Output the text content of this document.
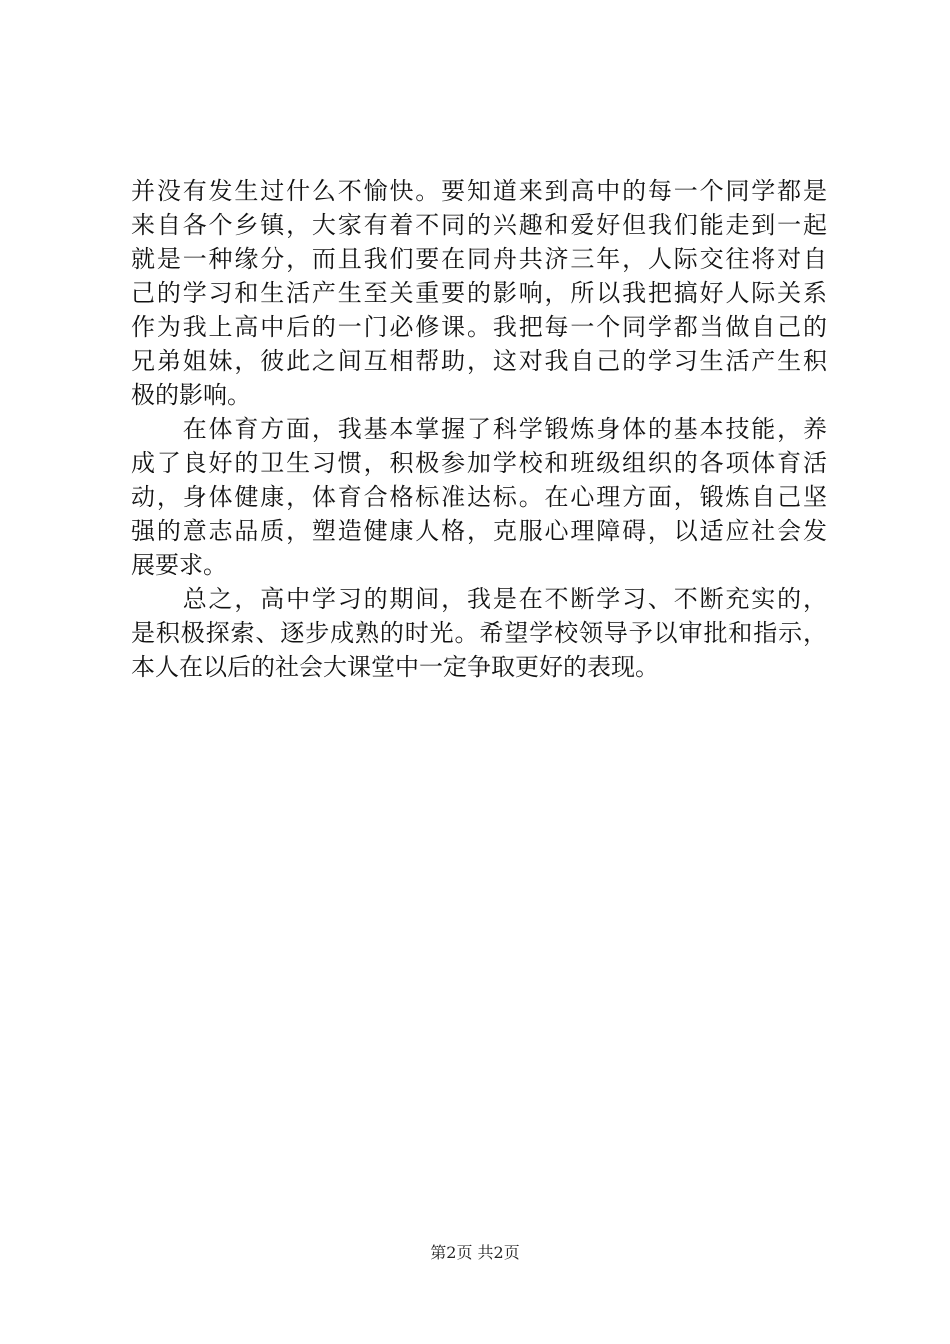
并没有发生过什么不愉快。要知道来到高中的每一个同学都是
来自各个乡镇，大家有着不同的兴趣和爱好但我们能走到一起
就是一种缘分，而且我们要在同舟共济三年，人际交往将对自
己的学习和生活产生至关重要的影响，所以我把搞好人际关系
作为我上高中后的一门必修课。我把每一个同学都当做自己的
兄弟姐妹，彼此之间互相帮助，这对我自己的学习生活产生积
极的影响。
　　在体育方面，我基本掌握了科学锻炼身体的基本技能，养
成了良好的卫生习惯，积极参加学校和班级组织的各项体育活
动，身体健康，体育合格标准达标。在心理方面，锻炼自己坚
强的意志品质，塑造健康人格，克服心理障碍，以适应社会发
展要求。
　　总之，高中学习的期间，我是在不断学习、不断充实的，
是积极探索、逐步成熟的时光。希望学校领导予以审批和指示，
本人在以后的社会大课堂中一定争取更好的表现。
第2页 共2页
